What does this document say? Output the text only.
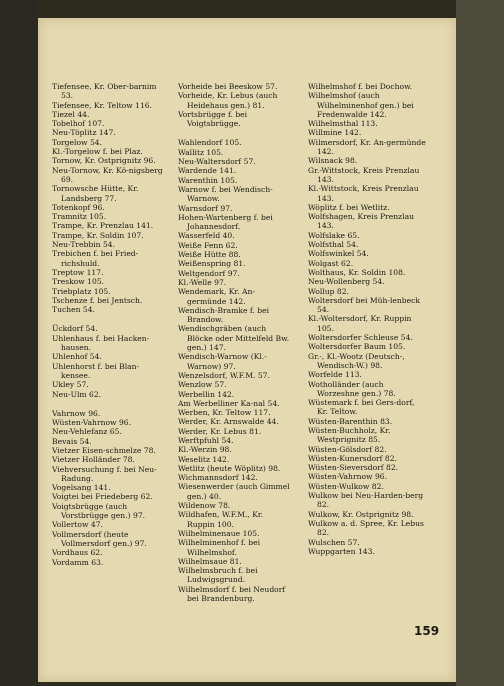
Tiefensee, Kr. Ober-barnim 53.
Tiefensee, Kr. Teltow 116.
Tiezel 44.
Tobelhof 107.
Neu-Töplitz 147.
Torgelow 54.
Kl.-Torgelow f. bei Plaz.
Tornow, Kr. Ostprignitz 96.
Neu-Tornow, Kr. Kö-nigsberg 69.
Tornowsche Hütte, Kr. Landsberg 77.
Totenkopf 96.
Tramnitz 105.
Trampe, Kr. Prenzlau 141.
Trampe, Kr. Soldin 107.
Neu-Trebbin 54.
Trebichen f. bei Fried-richshuld.
Treptow 117.
Treskow 105.
Triebplatz 105.
Tschenze f. bei Jentsch.
Tuchen 54.
Ückdorf 54.
Uhlenhaus f. bei Hacken-hausen.
Uhlenhof 54.
Uhlenhorst f. bei Blan-kensee.
Ukley 57.
Neu-Ulm 62.
Vahrnow 96.
Wüsten-Vahrnow 96.
Neu-Vehlefanz 65.
Bevais 54.
Vietzer Eisen-schmelze 78.
Vietzer Holländer 78.
Viehversuchung f. bei Neu-Radung.
Vogelsang 141.
Voigtei bei Friedeberg 62.
Voigtsbrügge (auch Vorstbrügge gen.) 97.
Vollertow 47.
Vollmersdorf (heute Vollmersdorf gen.) 97.
Vordhaus 62.
Vordamm 63.
Vorheide bei Beeskow 57.
Vorheide, Kr. Lebus (auch Heidehaus gen.) 81.
Vortsbrügge f. bei Voigtsbrügge.
Wahlendorf 105.
Wallitz 105.
Neu-Waltersdorf 57.
Wardende 141.
Warenthin 105.
Warnow f. bei Wendisch-Warnow.
Warnsdorf 97.
Hohen-Wartenberg f. bei Johannesdorf.
Wasserfeld 40.
Weiße Fenn 62.
Weiße Hütte 88.
Weißenspring 81.
Weltgendorf 97.
Kl.-Welle 97.
Wendemark, Kr. An-germünde 142.
Wendisch-Bramke f. bei Brandow.
Wendischgräben (auch Blöcke oder Mittelfeld Bw. gen.) 147.
Wendisch-Warnow (Kl.-Warnow) 97.
Wenzelsdorf, W.F.M. 57.
Wenzlow 57.
Werbellin 142.
Am Werbelliner Ka-nal 54.
Werben, Kr. Teltow 117.
Werder, Kr. Arnswalde 44.
Werder, Kr. Lebus 81.
Werftpfuhl 54.
Kl.-Werzin 98.
Weselitz 142.
Wetlitz (heute Wöplitz) 98.
Wichmannsdorf 142.
Wiesenwerder (auch Gimmel gen.) 40.
Wildenow 78.
Wildhafen, W.F.M., Kr. Ruppin 100.
Wilhelminenaue 105.
Wilhelminenhof f. bei Wilhelmshof.
Wilhelmsaue 81.
Wilhelmsbruch f. bei Ludwigsgrund.
Wilhelmsdorf f. bei Neudorf bei Brandenburg.
Wilhelmshof f. bei Dochow.
Wilhelmshof (auch Wilhelminenhof gen.) bei Fredenwalde 142.
Wilhelmsthal 113.
Willmine 142.
Wilmersdorf, Kr. An-germünde 142.
Wilsnack 98.
Gr.-Wittstock, Kreis Prenzlau 143.
Kl.-Wittstock, Kreis Prenzlau 143.
Wöplitz f. bei Wetlitz.
Wolfshagen, Kreis Prenzlau 143.
Wolfslake 65.
Wolfsthal 54.
Wolfswinkel 54.
Wolgast 62.
Wolthaus, Kr. Soldin 108.
Neu-Wollenberg 54.
Wollup 82.
Woltersdorf bei Müh-lenbeck 54.
Kl.-Woltersdorf, Kr. Ruppin 105.
Woltersdorfer Schleuse 54.
Woltersdorfer Baum 105.
Gr.-, Kl.-Wootz (Deutsch-, Wendisch-W.) 98.
Worfelde 113.
Wotholländer (auch Worzeshne gen.) 78.
Wüstemark f. bei Gers-dorf, Kr. Teltow.
Wüsten-Barenthin 83.
Wüsten-Buchholz, Kr. Westprignitz 85.
Wüsten-Gölsdorf 82.
Wüsten-Kunersdorf 82.
Wüsten-Sieversdorf 82.
Wüsten-Vahrnow 96.
Wüsten-Wulkow 82.
Wulkow bei Neu-Harden-berg 82.
Wulkow, Kr. Ostprignitz 98.
Wulkow a. d. Spree, Kr. Lebus 82.
Wulschen 57.
Wuppgarten 143.
159
